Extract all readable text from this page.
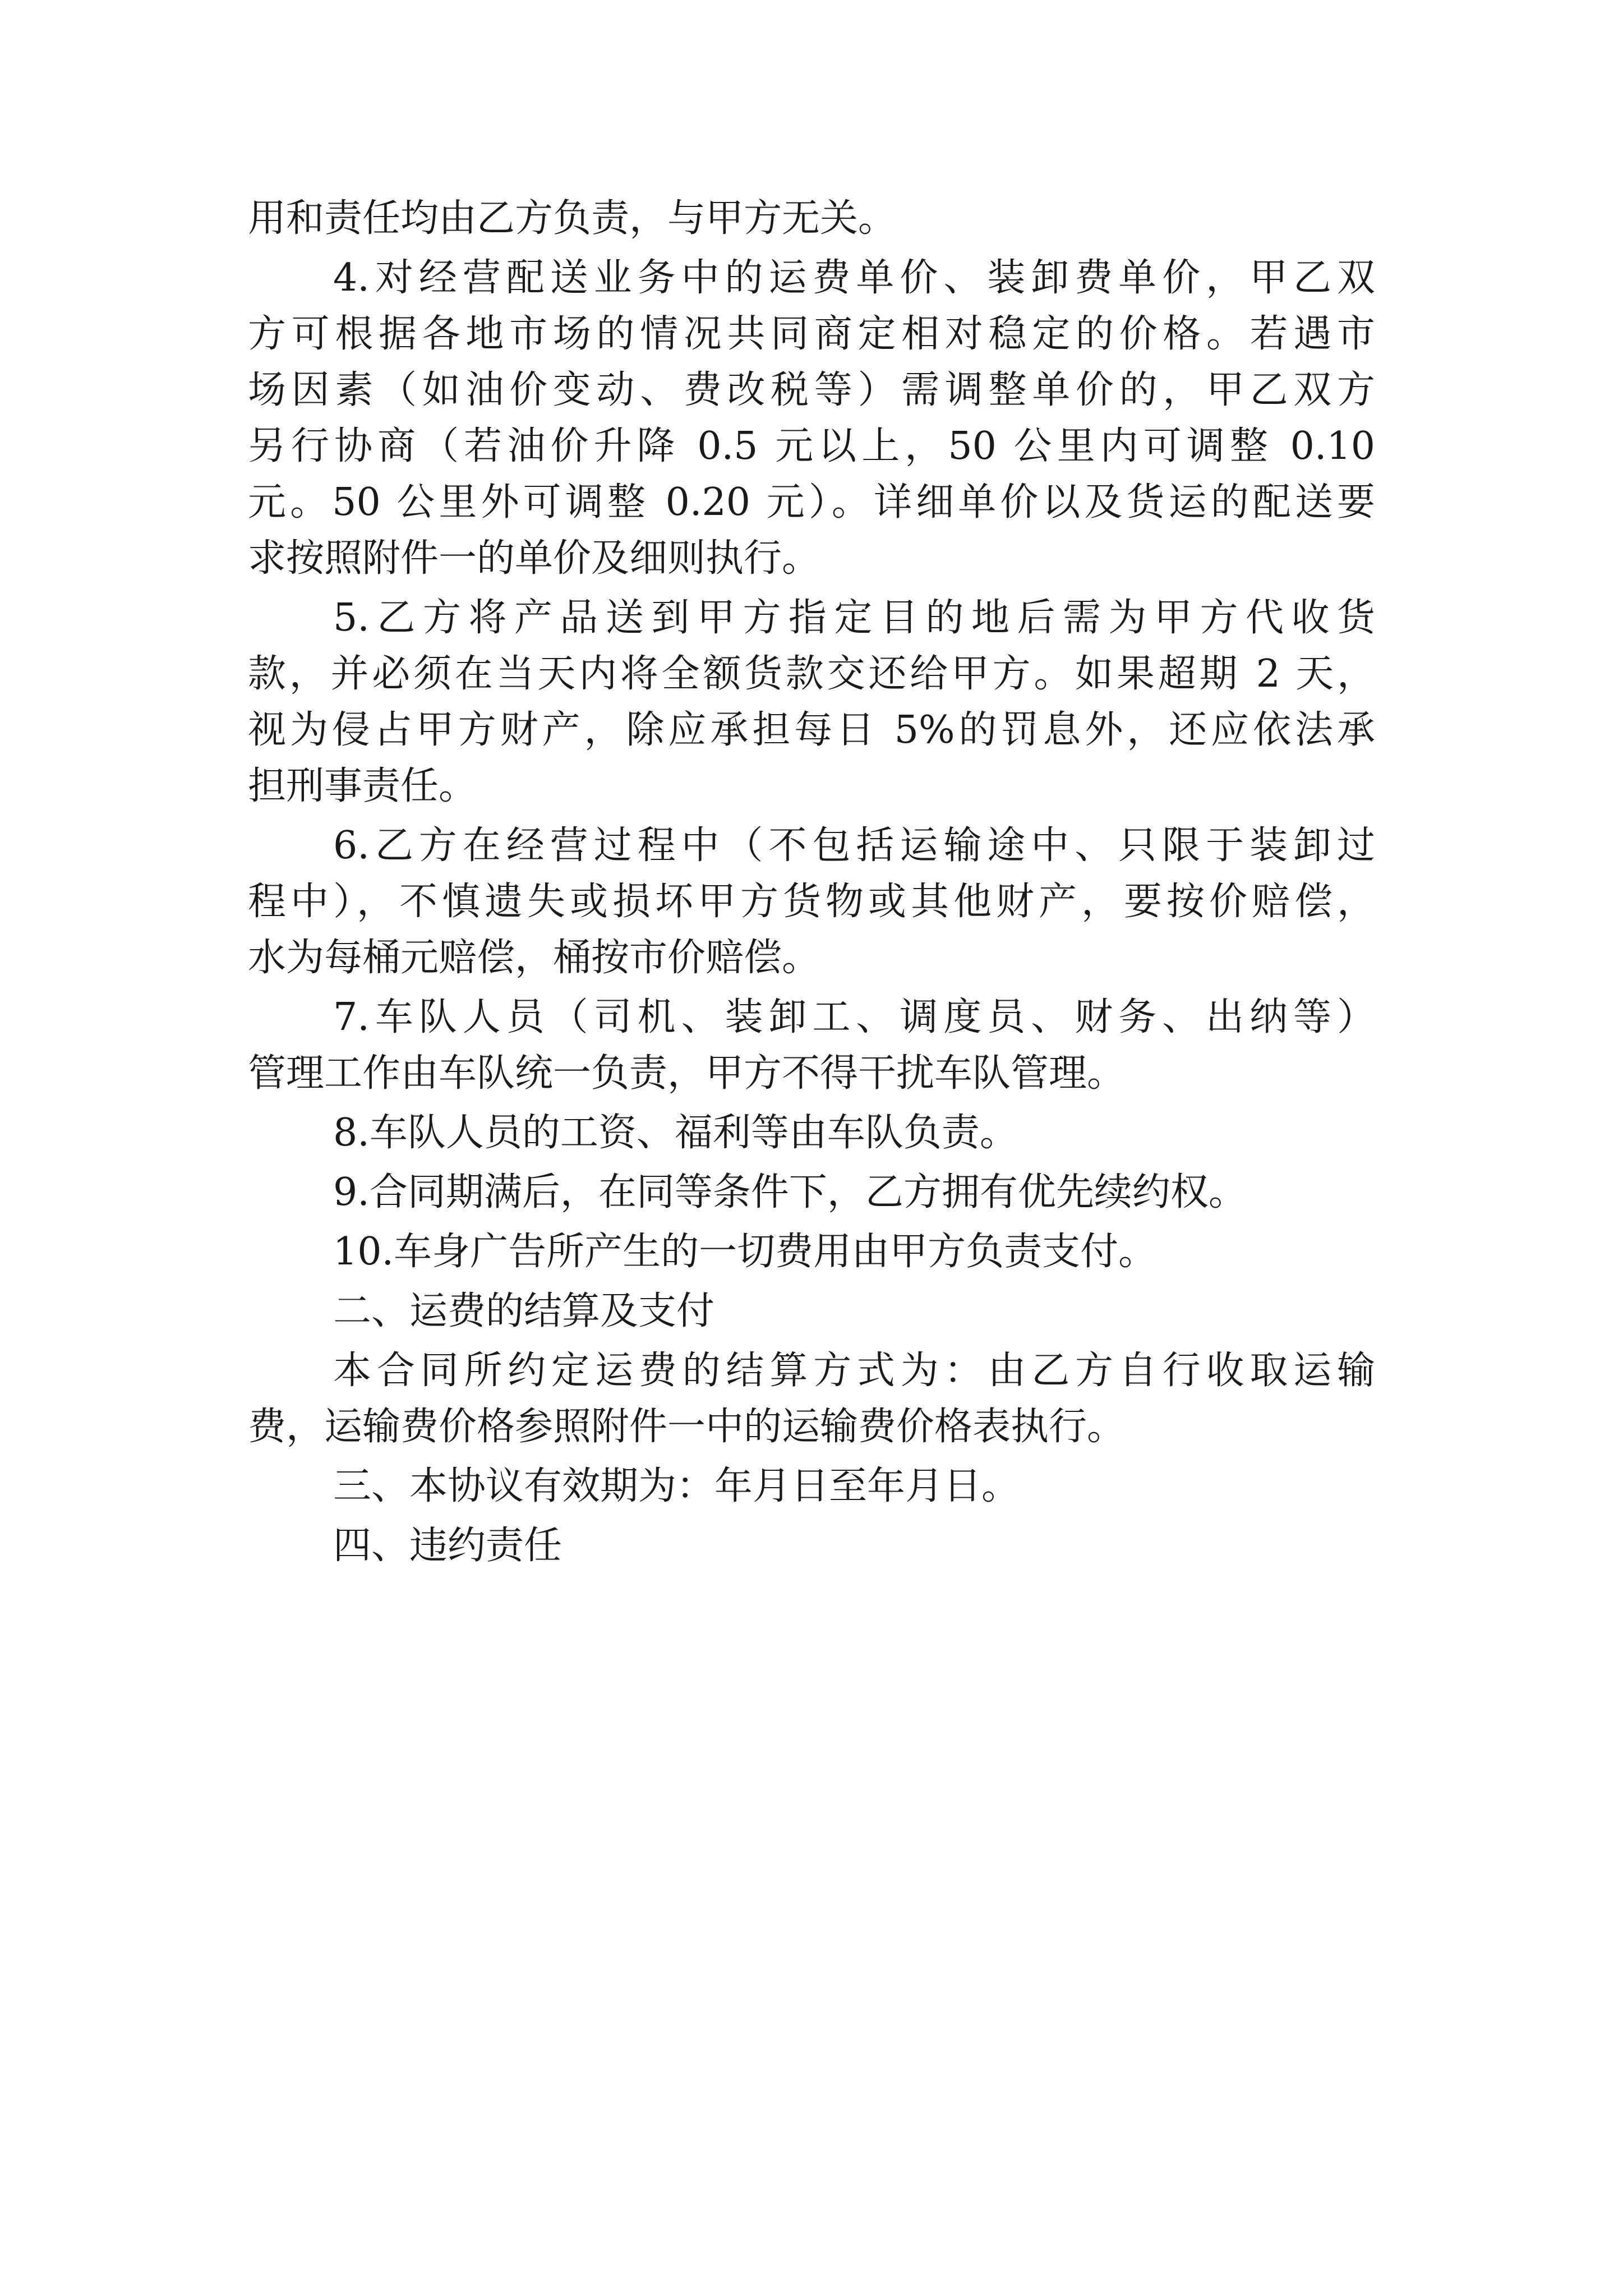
用和责任均由乙方负责，与甲方无关。
4.对经营配送业务中的运费单价、装卸费单价，甲乙双
方可根据各地市场的情况共同商定相对稳定的价格。若遇市
场因素（如油价变动、费改税等）需调整单价的，甲乙双方
另行协商（若油价升降 0.5 元以上，50 公里内可调整 0.10
元。50 公里外可调整 0.20 元）。详细单价以及货运的配送要
求按照附件一的单价及细则执行。
5.乙方将产品送到甲方指定目的地后需为甲方代收货
款，并必须在当天内将全额货款交还给甲方。如果超期 2 天，
视为侵占甲方财产，除应承担每日 5%的罚息外，还应依法承
担刑事责任。
6.乙方在经营过程中（不包括运输途中、只限于装卸过
程中），不慎遗失或损坏甲方货物或其他财产，要按价赔偿，
水为每桶元赔偿，桶按市价赔偿。
7.车队人员（司机、装卸工、调度员、财务、出纳等）
管理工作由车队统一负责，甲方不得干扰车队管理。
8.车队人员的工资、福利等由车队负责。
9.合同期满后，在同等条件下，乙方拥有优先续约权。
10.车身广告所产生的一切费用由甲方负责支付。
二、运费的结算及支付
本合同所约定运费的结算方式为：由乙方自行收取运输
费，运输费价格参照附件一中的运输费价格表执行。
三、本协议有效期为：年月日至年月日。
四、违约责任
